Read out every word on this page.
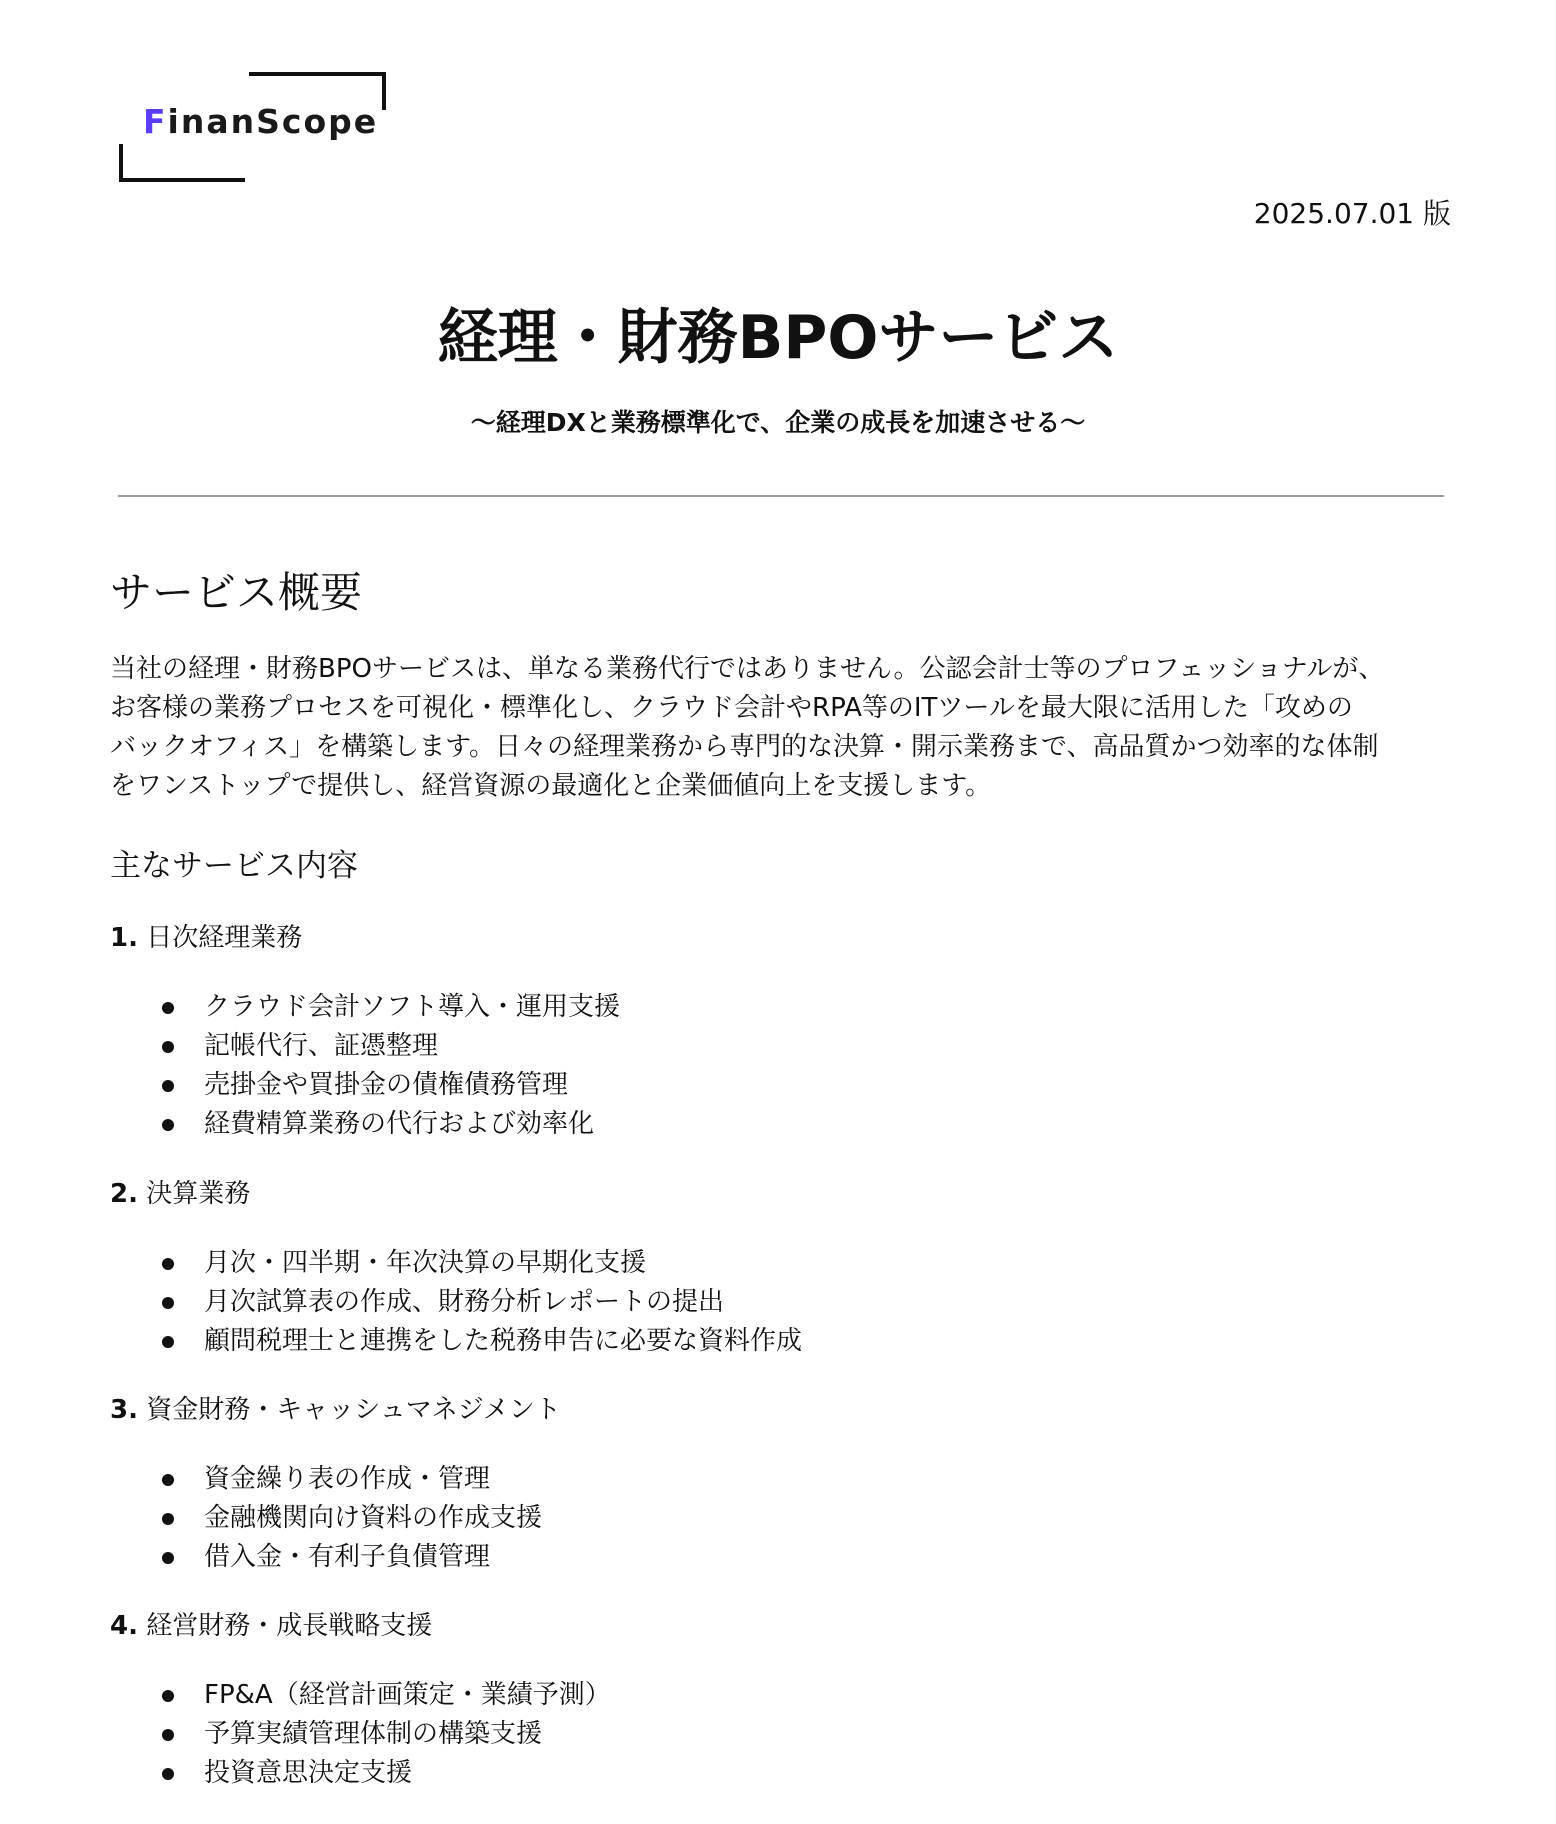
FinanScope
2025.07.01 版
経理・財務BPOサービス
〜経理DXと業務標準化で、企業の成長を加速させる〜
サービス概要

当社の経理・財務BPOサービスは、単なる業務代行ではありません。公認会計士等のプロフェッショナルが、
お客様の業務プロセスを可視化・標準化し、クラウド会計やRPA等のITツールを最大限に活用した「攻めの
バックオフィス」を構築します。日々の経理業務から専門的な決算・開示業務まで、高品質かつ効率的な体制
をワンストップで提供し、経営資源の最適化と企業価値向上を支援します。

主なサービス内容
1. 日次経理業務
クラウド会計ソフト導入・運用支援
記帳代行、証憑整理
売掛金や買掛金の債権債務管理
経費精算業務の代行および効率化
2. 決算業務
月次・四半期・年次決算の早期化支援
月次試算表の作成、財務分析レポートの提出
顧問税理士と連携をした税務申告に必要な資料作成
3. 資金財務・キャッシュマネジメント
資金繰り表の作成・管理
金融機関向け資料の作成支援
借入金・有利子負債管理
4. 経営財務・成長戦略支援
FP&A（経営計画策定・業績予測）
予算実績管理体制の構築支援
投資意思決定支援
